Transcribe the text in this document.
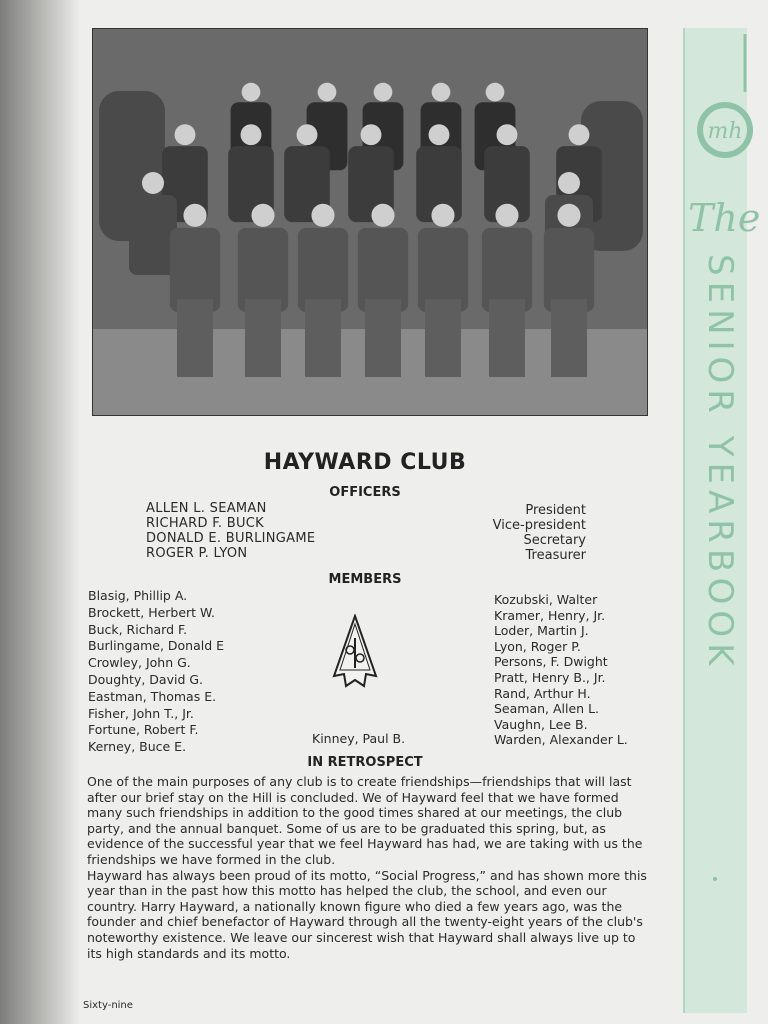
HAYWARD CLUB
OFFICERS
ALLEN L. SEAMAN
RICHARD F. BUCK
DONALD E. BURLINGAME
ROGER P. LYON
President
Vice-president
Secretary
Treasurer
MEMBERS
Blasig, Phillip A.
Brockett, Herbert W.
Buck, Richard F.
Burlingame, Donald E
Crowley, John G.
Doughty, David G.
Eastman, Thomas E.
Fisher, John T., Jr.
Fortune, Robert F.
Kerney, Buce E.
Kinney, Paul B.
Kozubski, Walter
Kramer, Henry, Jr.
Loder, Martin J.
Lyon, Roger P.
Persons, F. Dwight
Pratt, Henry B., Jr.
Rand, Arthur H.
Seaman, Allen L.
Vaughn, Lee B.
Warden, Alexander L.
IN RETROSPECT

One of the main purposes of any club is to create friendships—friendships that will last after our brief stay on the Hill is concluded. We of Hayward feel that we have formed many such friendships in addition to the good times shared at our meetings, the club party, and the annual banquet. Some of us are to be graduated this spring, but, as evidence of the successful year that we feel Hayward has had, we are taking with us the friendships we have formed in the club.

Hayward has always been proud of its motto, “Social Progress,” and has shown more this year than in the past how this motto has helped the club, the school, and even our country. Harry Hayward, a nationally known figure who died a few years ago, was the founder and chief benefactor of Hayward through all the twenty-eight years of the club's noteworthy existence. We leave our sincerest wish that Hayward shall always live up to its high standards and its motto.

Sixty-nine
mh
The
SENIOR YEARBOOK
